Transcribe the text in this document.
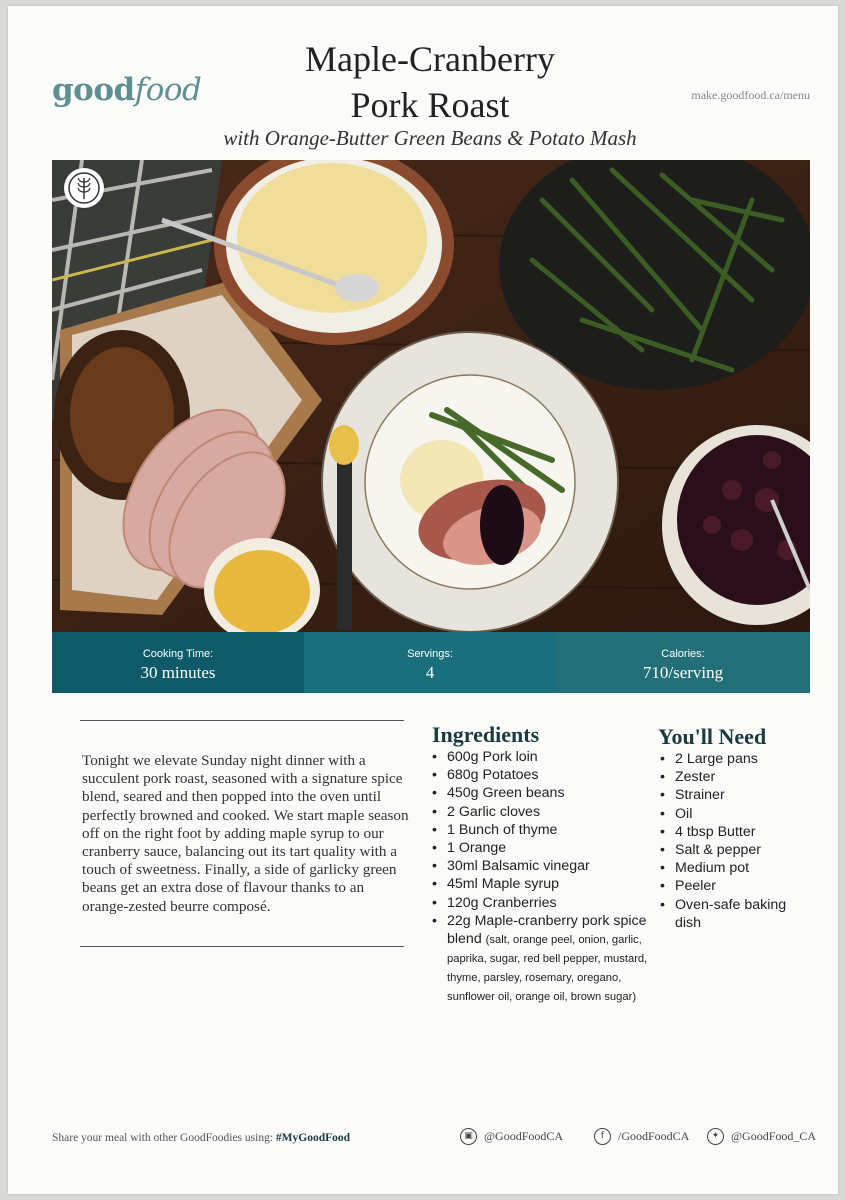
goodfood
Maple-Cranberry
Pork Roast
with Orange-Butter Green Beans & Potato Mash
make.goodfood.ca/menu
Cooking Time:
30 minutes
Servings:
4
Calories:
710/serving
Tonight we elevate Sunday night dinner with a succulent pork roast, seasoned with a signature spice blend, seared and then popped into the oven until perfectly browned and cooked. We start maple season off on the right foot by adding maple syrup to our cranberry sauce, balancing out its tart quality with a touch of sweetness. Finally, a side of garlicky green beans get an extra dose of flavour thanks to an orange-zested beurre composé.
Ingredients
• 600g Pork loin
• 680g Potatoes
• 450g Green beans
• 2 Garlic cloves
• 1 Bunch of thyme
• 1 Orange
• 30ml Balsamic vinegar
• 45ml Maple syrup
• 120g Cranberries
• 22g Maple-cranberry pork spice blend (salt, orange peel, onion, garlic, paprika, sugar, red bell pepper, mustard, thyme, parsley, rosemary, oregano, sunflower oil, orange oil, brown sugar)
You'll Need
• 2 Large pans
• Zester
• Strainer
• Oil
• 4 tbsp Butter
• Salt & pepper
• Medium pot
• Peeler
• Oven-safe baking dish
Share your meal with other GoodFoodies using: #MyGoodFood	▣ @GoodFoodCA	f	/GoodFoodCA	✦ @GoodFood_CA
